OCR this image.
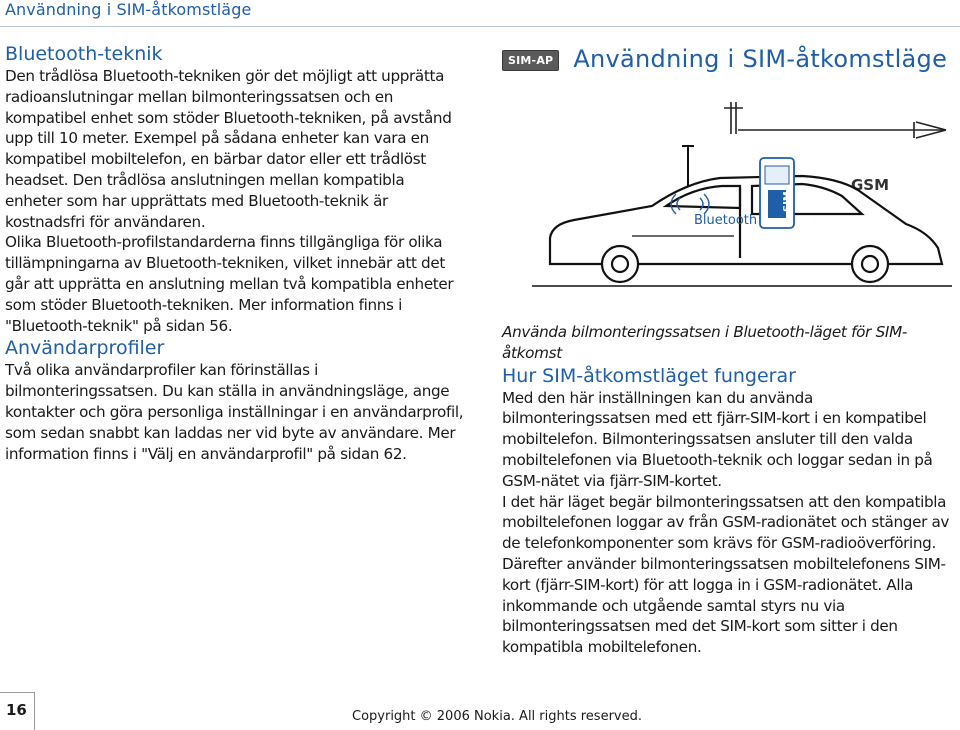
Användning i SIM-åtkomstläge
Bluetooth-teknik

Den trådlösa Bluetooth-tekniken gör det möjligt att upprätta radioanslutningar mellan bilmonteringssatsen och en kompatibel enhet som stöder Bluetooth-tekniken, på avstånd upp till 10 meter. Exempel på sådana enheter kan vara en kompatibel mobiltelefon, en bärbar dator eller ett trådlöst headset. Den trådlösa anslutningen mellan kompatibla enheter som har upprättats med Bluetooth-teknik är kostnadsfri för användaren.

Olika Bluetooth-profilstandarderna finns tillgängliga för olika tillämpningarna av Bluetooth-tekniken, vilket innebär att det går att upprätta en anslutning mellan två kompatibla enheter som stöder Bluetooth-tekniken. Mer information finns i "Bluetooth-teknik" på sidan 56.

Användarprofiler

Två olika användarprofiler kan förinställas i bilmonteringssatsen. Du kan ställa in användningsläge, ange kontakter och göra personliga inställningar i en användarprofil, som sedan snabbt kan laddas ner vid byte av användare. Mer information finns i "Välj en användarprofil" på sidan 62.

SIM-AP Användning i SIM-åtkomstläge
GSM
SIM
Bluetooth

Använda bilmonteringssatsen i Bluetooth-läget för SIM-åtkomst

Hur SIM-åtkomstläget fungerar

Med den här inställningen kan du använda bilmonteringssatsen med ett fjärr-SIM-kort i en kompatibel mobiltelefon. Bilmonteringssatsen ansluter till den valda mobiltelefonen via Bluetooth-teknik och loggar sedan in på GSM-nätet via fjärr-SIM-kortet.

I det här läget begär bilmonteringssatsen att den kompatibla mobiltelefonen loggar av från GSM-radionätet och stänger av de telefonkomponenter som krävs för GSM-radioöverföring. Därefter använder bilmonteringssatsen mobiltelefonens SIM-kort (fjärr-SIM-kort) för att logga in i GSM-radionätet. Alla inkommande och utgående samtal styrs nu via bilmonteringssatsen med det SIM-kort som sitter i den kompatibla mobiltelefonen.

16	Copyright © 2006 Nokia. All rights reserved.
